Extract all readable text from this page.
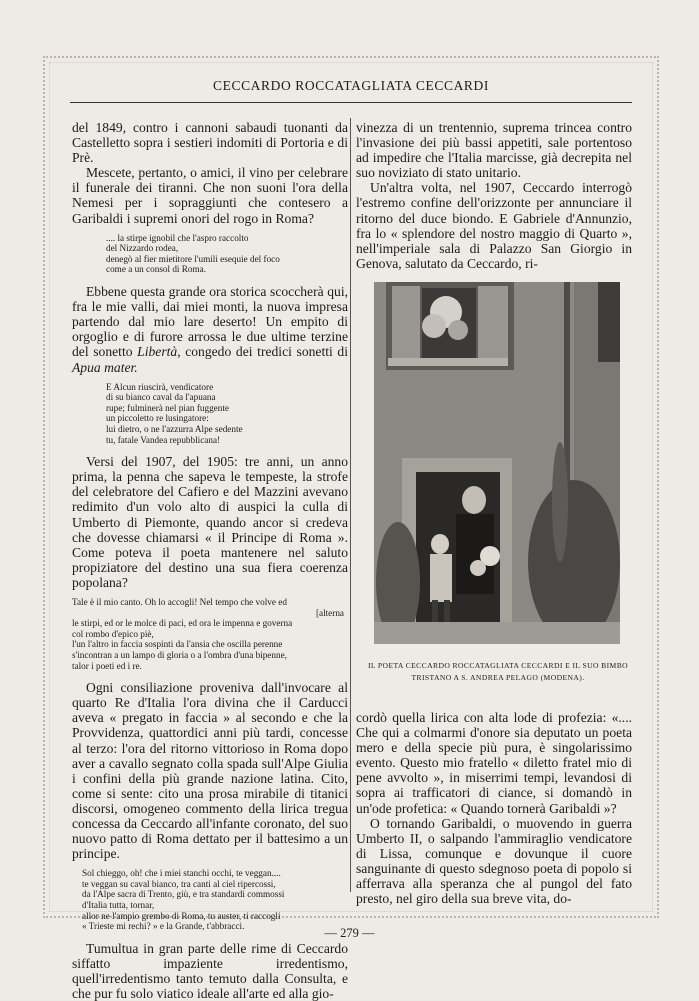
CECCARDO ROCCATAGLIATA CECCARDI

del 1849, contro i cannoni sabaudi tuonanti da Castelletto sopra i sestieri indomiti di Portoria e di Prè.

Mescete, pertanto, o amici, il vino per celebrare il funerale dei tiranni. Che non suoni l'ora della Nemesi per i sopraggiunti che contesero a Garibaldi i supremi onori del rogo in Roma?

.... la stirpe ignobil che l'aspro raccolto
del Nizzardo rodea,
denegò al fier mietitore l'umili esequie del foco
come a un consol di Roma.

Ebbene questa grande ora storica scoccherà qui, fra le mie valli, dai miei monti, la nuova impresa partendo dal mio lare deserto! Un empito di orgoglio e di furore arrossa le due ultime terzine del sonetto Libertà, congedo dei tredici sonetti di Apua mater.

E Alcun riuscirà, vendicatore
di su bianco caval da l'apuana
rupe; fulminerà nel pian fuggente
un piccoletto re lusingatore:
lui dietro, o ne l'azzurra Alpe sedente
tu, fatale Vandea repubblicana!

Versi del 1907, del 1905: tre anni, un anno prima, la penna che sapeva le tempeste, la strofe del celebratore del Cafiero e del Mazzini avevano redimito d'un volo alto di auspici la culla di Umberto di Piemonte, quando ancor si credeva che dovesse chiamarsi « il Principe di Roma ». Come poteva il poeta mantenere nel saluto propiziatore del destino una sua fiera coerenza popolana?

Tale è il mio canto. Oh lo accogli! Nel tempo che volve ed
[alterna
le stirpi, ed or le molce di paci, ed ora le impenna e governa
col rombo d'epico piè,
l'un l'altro in faccia sospinti da l'ansia che oscilla perenne
s'incontran a un lampo di gloria o a l'ombra d'una bipenne,
talor i poeti ed i re.

Ogni consiliazione proveniva dall'invocare al quarto Re d'Italia l'ora divina che il Carducci aveva « pregato in faccia » al secondo e che la Provvidenza, quattordici anni più tardi, concesse al terzo: l'ora del ritorno vittorioso in Roma dopo aver a cavallo segnato colla spada sull'Alpe Giulia i confini della più grande nazione latina. Cito, come si sente: cito una prosa mirabile di titanici discorsi, omogeneo commento della lirica tregua concessa da Ceccardo all'infante coronato, del suo nuovo patto di Roma dettato per il battesimo a un principe.

Sol chieggo, oh! che i miei stanchi occhi, te veggan....
te veggan su caval bianco, tra canti al ciel ripercossi,
da l'Alpe sacra di Trento, giù, e tra standardi commossi
d'Italia tutta, tornar,
allor ne l'ampio grembo di Roma, tu auster, ti raccogli
« Trieste mi rechi? » e la Grande, t'abbracci.

Tumultua in gran parte delle rime di Ceccardo siffatto impaziente irredentismo, quell'irredentismo tanto temuto dalla Consulta, e che pur fu solo viatico ideale all'arte ed alla gio-

vinezza di un trentennio, suprema trincea contro l'invasione dei più bassi appetiti, sale portentoso ad impedire che l'Italia marcisse, già decrepita nel suo noviziato di stato unitario.

Un'altra volta, nel 1907, Ceccardo interrogò l'estremo confine dell'orizzonte per annunciare il ritorno del duce biondo. E Gabriele d'Annunzio, fra lo « splendore del nostro maggio di Quarto », nell'imperiale sala di Palazzo San Giorgio in Genova, salutato da Ceccardo, ri-

IL POETA CECCARDO ROCCATAGLIATA CECCARDI E IL SUO BIMBO TRISTANO A S. ANDREA PELAGO (MODENA).

cordò quella lirica con alta lode di profezia: «.... Che qui a colmarmi d'onore sia deputato un poeta mero e della specie più pura, è singolarissimo evento. Questo mio fratello « diletto fratel mio di pene avvolto », in miserrimi tempi, levandosi di sopra ai trafficatori di ciance, si domandò in un'ode profetica: « Quando tornerà Garibaldi »?

O tornando Garibaldi, o muovendo in guerra Umberto II, o salpando l'ammiraglio vendicatore di Lissa, comunque e dovunque il cuore sanguinante di questo sdegnoso poeta di popolo si afferrava alla speranza che al pungol del fato presto, nel giro della sua breve vita, do-

— 279 —
